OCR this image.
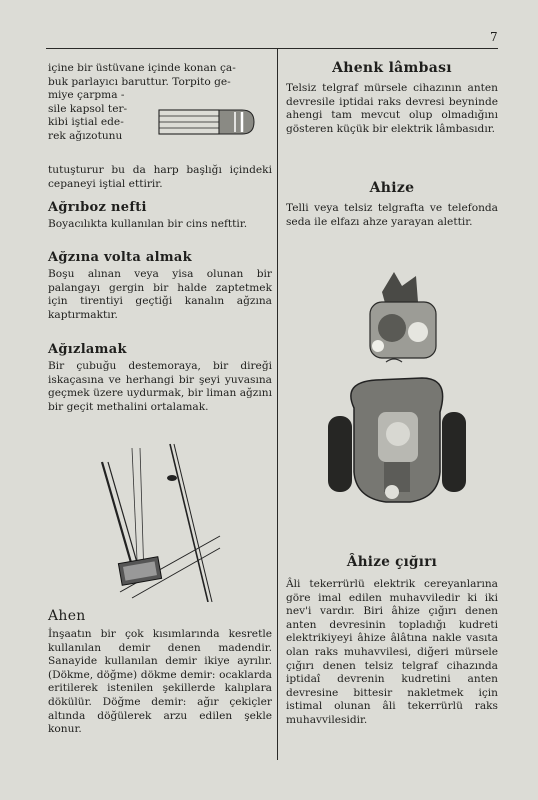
7
içine bir üstüvane içinde konan ça-
buk parlayıcı baruttur. Torpito ge-
miye çarpma -
sile kapsol ter-
kibi iştial ede-
rek ağızotunu
tutuşturur bu da harp başlığı içindeki cepaneyi iştial ettirir.
Ağrıboz nefti
Boyacılıkta kullanılan bir cins nefttir.
Ağzına volta almak
Boşu alınan veya yisa olunan bir palangayı gergin bir halde zaptetmek için tirentiyi geçtiği kanalın ağzına kaptırmaktır.
Ağızlamak
Bir çubuğu destemoraya, bir direği iskaçasına ve herhangi bir şeyi yuvasına geçmek üzere uydurmak, bir liman ağzını bir geçit methalini ortalamak.
Ahen
İnşaatın bir çok kısımlarında kesretle kullanılan demir denen madendir. Sanayide kullanılan demir ikiye ayrılır. (Dökme, döğme) dökme demir: ocaklarda eritilerek istenilen şekillerde kalıplara dökülür. Döğme demir: ağır çekiçler altında döğülerek arzu edilen şekle konur.
Ahenk lâmbası
Telsiz telgraf mürsele cihazının anten devresile iptidai raks devresi beyninde ahengi tam mevcut olup olmadığını gösteren küçük bir elektrik lâmbasıdır.
Ahize
Telli veya telsiz telgrafta ve telefonda seda ile elfazı ahze yarayan alettir.
Âhize çığırı
Âli tekerrürlü elektrik cereyanlarına göre imal edilen muhavviledir ki iki nev'i vardır. Biri âhize çığırı denen anten devresinin topladığı kudreti elektrikiyeyi âhize âlâtına nakle vasıta olan raks muhavvilesi, diğeri mürsele çığırı denen telsiz telgraf cihazında iptidaî devrenin kudretini anten devresine bittesir nakletmek için istimal olunan âli tekerrürlü raks muhavvilesidir.
